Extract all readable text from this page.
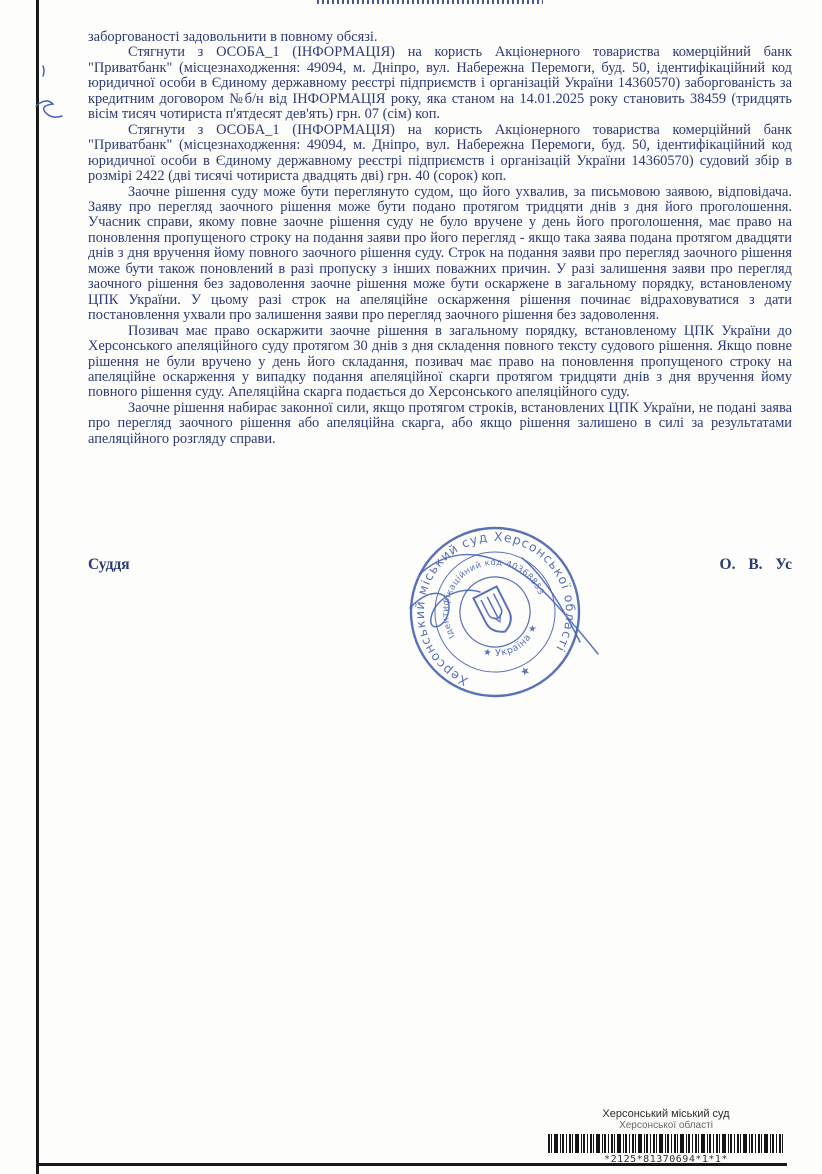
заборгованості задовольнити в повному обсязі.

Стягнути з ОСОБА_1 (ІНФОРМАЦІЯ) на користь Акціонерного товариства комерційний банк "Приватбанк" (місцезнаходження: 49094, м. Дніпро, вул. Набережна Перемоги, буд. 50, ідентифікаційний код юридичної особи в Єдиному державному реєстрі підприємств і організацій України 14360570) заборгованість за кредитним договором №б/н від ІНФОРМАЦІЯ року, яка станом на 14.01.2025 року становить 38459 (тридцять вісім тисяч чотириста п'ятдесят дев'ять) грн. 07 (сім) коп.

Стягнути з ОСОБА_1 (ІНФОРМАЦІЯ) на користь Акціонерного товариства комерційний банк "Приватбанк" (місцезнаходження: 49094, м. Дніпро, вул. Набережна Перемоги, буд. 50, ідентифікаційний код юридичної особи в Єдиному державному реєстрі підприємств і організацій України 14360570) судовий збір в розмірі 2422 (дві тисячі чотириста двадцять дві) грн. 40 (сорок) коп.

Заочне рішення суду може бути переглянуто судом, що його ухвалив, за письмовою заявою, відповідача. Заяву про перегляд заочного рішення може бути подано протягом тридцяти днів з дня його проголошення. Учасник справи, якому повне заочне рішення суду не було вручене у день його проголошення, має право на поновлення пропущеного строку на подання заяви про його перегляд - якщо така заява подана протягом двадцяти днів з дня вручення йому повного заочного рішення суду. Строк на подання заяви про перегляд заочного рішення може бути також поновлений в разі пропуску з інших поважних причин. У разі залишення заяви про перегляд заочного рішення без задоволення заочне рішення може бути оскаржене в загальному порядку, встановленому ЦПК України. У цьому разі строк на апеляційне оскарження рішення починає відраховуватися з дати постановлення ухвали про залишення заяви про перегляд заочного рішення без задоволення.

Позивач має право оскаржити заочне рішення в загальному порядку, встановленому ЦПК України до Херсонського апеляційного суду протягом 30 днів з дня складення повного тексту судового рішення. Якщо повне рішення не були вручено у день його складання, позивач має право на поновлення пропущеного строку на апеляційне оскарження у випадку подання апеляційної скарги протягом тридцяти днів з дня вручення йому повного рішення суду. Апеляційна скарга подається до Херсонського апеляційного суду.

Заочне рішення набирає законної сили, якщо протягом строків, встановлених ЦПК України, не подані заява про перегляд заочного рішення або апеляційна скарга, або якщо рішення залишено в силі за результатами апеляційного розгляду справи.

Суддя	О. В. Ус
Херсонський міський суд Херсонської області
★
Ідентифікаційний код 40368853
★ Україна ★
Херсонський міський суд
Херсонської області
*2125*81370694*1*1*
